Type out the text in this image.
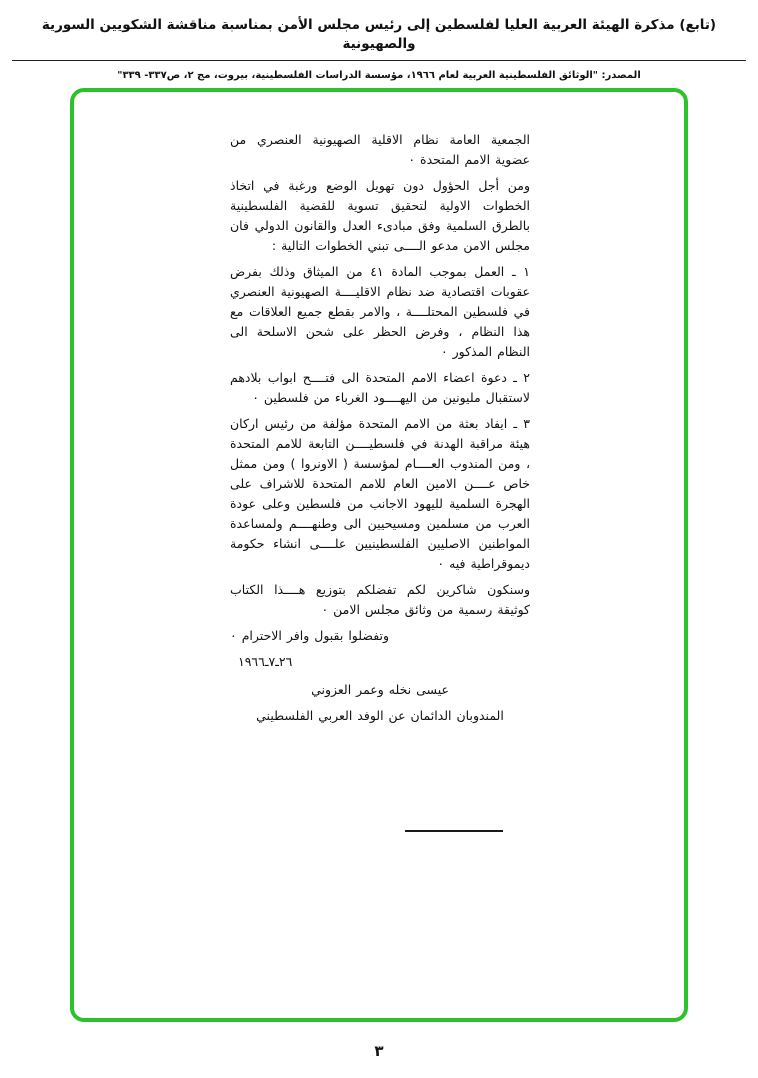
(تابع) مذكرة الهيئة العربية العليا لفلسطين إلى رئيس مجلس الأمن بمناسبة مناقشة الشكويين السورية والصهيونية
المصدر: "الوثائق الفلسطينية العربية لعام ١٩٦٦، مؤسسة الدراسات الفلسطينية، بيروت، مج ٢، ص٣٣٧- ٣٣٩"

الجمعية العامة نظام الاقلية الصهيونية العنصري من عضوية الامم المتحدة ٠

ومن أجل الحؤول دون تهويل الوضع ورغبة في اتخاذ الخطوات الاولية لتحقيق تسوية للقضية الفلسطينية بالطرق السلمية وفق مبادىء العدل والقانون الدولي فان مجلس الامن مدعو الــــى تبني الخطوات التالية :

١ ـ العمل بموجب المادة ٤١ من الميثاق وذلك بفرض عقوبات اقتصادية ضد نظام الاقليــــة الصهيونية العنصري في فلسطين المحتلــــة ، والامر بقطع جميع العلاقات مع هذا النظام ، وفرض الحظر على شحن الاسلحة الى النظام المذكور ٠

٢ ـ دعوة اعضاء الامم المتحدة الى فتــــح ابواب بلادهم لاستقبال مليونين من اليهــــود الغرباء من فلسطين ٠

٣ ـ ايفاد بعثة من الامم المتحدة مؤلفة من رئيس اركان هيئة مراقبة الهدنة في فلسطيــــن التابعة للامم المتحدة ، ومن المندوب العــــام لمؤسسة ( الاونروا ) ومن ممثل خاص عــــن الامين العام للامم المتحدة للاشراف على الهجرة السلمية لليهود الاجانب من فلسطين وعلى عودة العرب من مسلمين ومسيحيين الى وطنهــــم ولمساعدة المواطنين الاصليين الفلسطينيين علــــى انشاء حكومة ديموقراطية فيه ٠

وسنكون شاكرين لكم تفضلكم بتوزيع هــــذا الكتاب كوثيقة رسمية من وثائق مجلس الامن ٠

وتفضلوا بقبول وافر الاحترام ٠

٢٦ـ٧ـ١٩٦٦

عيسى نخله وعمر العزوني

المندوبان الدائمان عن الوفد العربي الفلسطيني

٣
